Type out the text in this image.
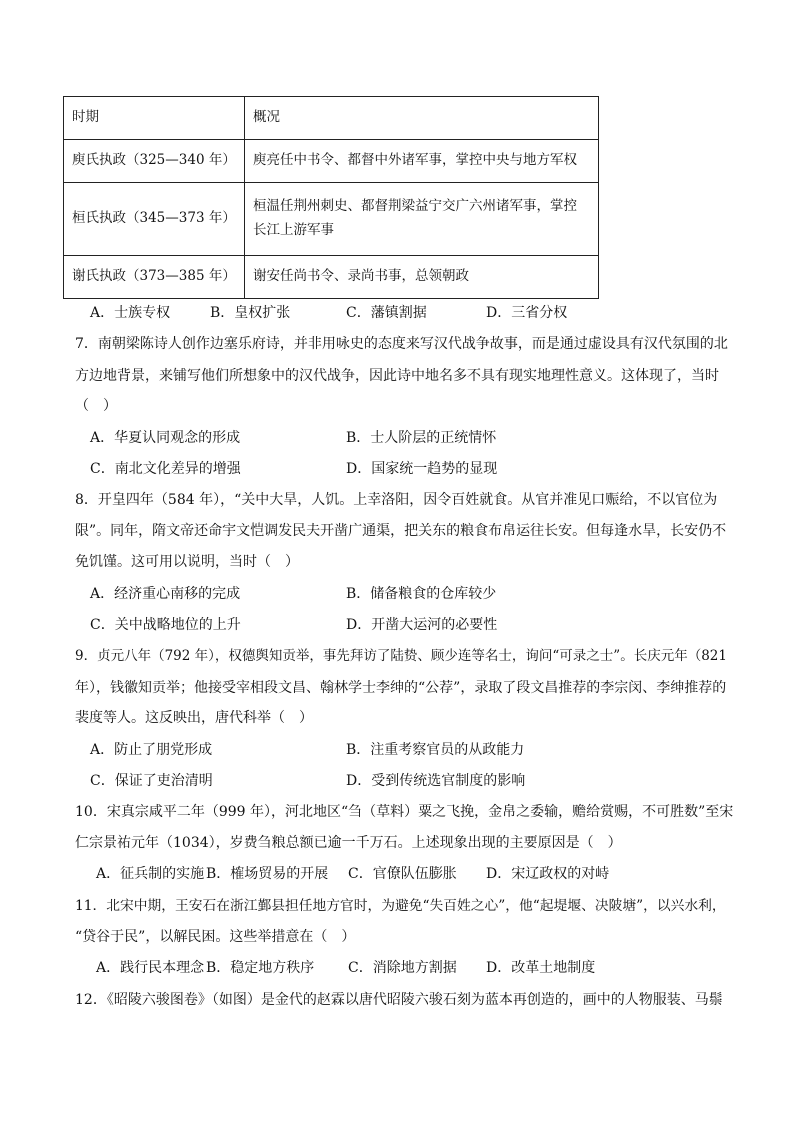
时期	概况
庾氏执政（325—340 年）	庾亮任中书令、都督中外诸军事，掌控中央与地方军权
桓氏执政（345—373 年）	桓温任荆州刺史、都督荆梁益宁交广六州诸军事，掌控长江上游军事
谢氏执政（373—385 年）	谢安任尚书令、录尚书事，总领朝政
A．士族专权	B．皇权扩张	C．藩镇割据	D．三省分权
7．南朝梁陈诗人创作边塞乐府诗，并非用咏史的态度来写汉代战争故事，而是通过虚设具有汉代氛围的北
方边地背景，来铺写他们所想象中的汉代战争，因此诗中地名多不具有现实地理性意义。这体现了，当时
（　）
A．华夏认同观念的形成	B．士人阶层的正统情怀
C．南北文化差异的增强	D．国家统一趋势的显现
8．开皇四年（584 年），“关中大旱，人饥。上幸洛阳，因令百姓就食。从官并准见口赈给，不以官位为
限”。同年，隋文帝还命宇文恺调发民夫开凿广通渠，把关东的粮食布帛运往长安。但每逢水旱，长安仍不
免饥馑。这可用以说明，当时（　）
A．经济重心南移的完成	B．储备粮食的仓库较少
C．关中战略地位的上升	D．开凿大运河的必要性
9．贞元八年（792 年），权德舆知贡举，事先拜访了陆贽、顾少连等名士，询问“可录之士”。长庆元年（821
年），钱徽知贡举；他接受宰相段文昌、翰林学士李绅的“公荐”，录取了段文昌推荐的李宗闵、李绅推荐的
裴度等人。这反映出，唐代科举（　）
A．防止了朋党形成	B．注重考察官员的从政能力
C．保证了吏治清明	D．受到传统选官制度的影响
10．宋真宗咸平二年（999 年），河北地区“刍（草料）粟之飞挽，金帛之委输，赡给赏赐，不可胜数”至宋
仁宗景祐元年（1034），岁费刍粮总额已逾一千万石。上述现象出现的主要原因是（　）
A．征兵制的实施 B．榷场贸易的开展 C．官僚队伍膨胀 D．宋辽政权的对峙
11．北宋中期，王安石在浙江鄞县担任地方官时，为避免“失百姓之心”，他“起堤堰、决陂塘”，以兴水利，
“贷谷于民”，以解民困。这些举措意在（　）
A．践行民本理念 B．稳定地方秩序 C．消除地方割据 D．改革土地制度
12．《昭陵六骏图卷》（如图）是金代的赵霖以唐代昭陵六骏石刻为蓝本再创造的，画中的人物服装、马鬃
